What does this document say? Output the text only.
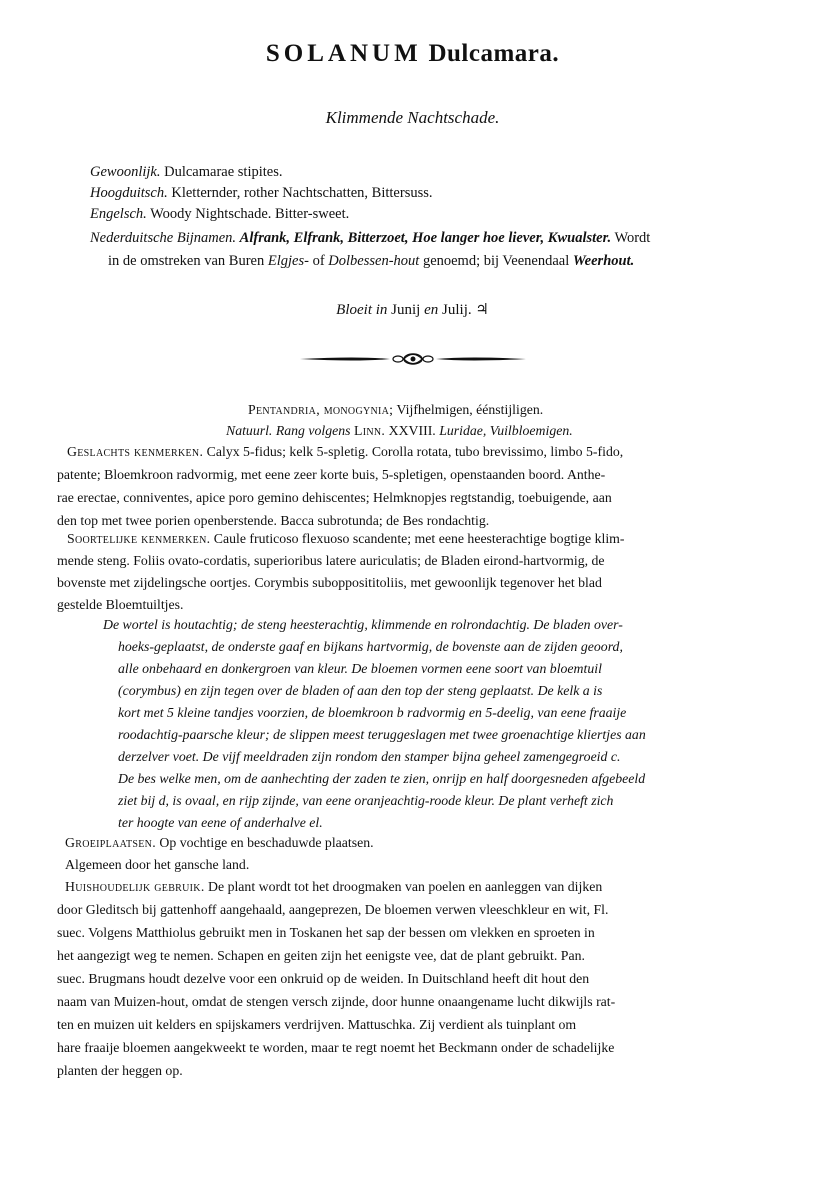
SOLANUM Dulcamara.
Klimmende Nachtschade.
Gewoonlijk. Dulcamarae stipites.
Hoogduitsch. Kletternder, rother Nachtschatten, Bittersuss.
Engelsch. Woody Nightschade. Bitter-sweet.
Nederduitsche Bijnamen. Alfrank, Elfrank, Bitterzoet, Hoe langer hoe liever, Kwualster. Wordt
in de omstreken van Buren Elgjes- of Dolbessen-hout genoemd; bij Veenendaal Weerhout.
Bloeit in Junij en Julij. ♃
Pentandria, monogynia; Vijfhelmigen, éénstijligen.
Natuurl. Rang volgens Linn. XXVIII. Luridae, Vuilbloemigen.
Geslachts kenmerken. Calyx 5-fidus; kelk 5-spletig. Corolla rotata, tubo brevissimo, limbo 5-fido,
patente; Bloemkroon radvormig, met eene zeer korte buis, 5-spletigen, openstaanden boord. Anthe-
rae erectae, conniventes, apice poro gemino dehiscentes; Helmknopjes regtstandig, toebuigende, aan
den top met twee porien openberstende. Bacca subrotunda; de Bes rondachtig.
Soortelijke kenmerken. Caule fruticoso flexuoso scandente; met eene heesterachtige bogtige klim-
mende steng. Foliis ovato-cordatis, superioribus latere auriculatis; de Bladen eirond-hartvormig, de
bovenste met zijdelingsche oortjes. Corymbis subopposititoliis, met gewoonlijk tegenover het blad
gestelde Bloemtuiltjes.
De wortel is houtachtig; de steng heesterachtig, klimmende en rolrondachtig. De bladen over-
hoeks-geplaatst, de onderste gaaf en bijkans hartvormig, de bovenste aan de zijden geoord,
alle onbehaard en donkergroen van kleur. De bloemen vormen eene soort van bloemtuil
(corymbus) en zijn tegen over de bladen of aan den top der steng geplaatst. De kelk a is
kort met 5 kleine tandjes voorzien, de bloemkroon b radvormig en 5-deelig, van eene fraaije
roodachtig-paarsche kleur; de slippen meest teruggeslagen met twee groenachtige kliertjes aan
derzelver voet. De vijf meeldraden zijn rondom den stamper bijna geheel zamengegroeid c.
De bes welke men, om de aanhechting der zaden te zien, onrijp en half doorgesneden afgebeeld
ziet bij d, is ovaal, en rijp zijnde, van eene oranjeachtig-roode kleur. De plant verheft zich
ter hoogte van eene of anderhalve el.
Groeiplaatsen. Op vochtige en beschaduwde plaatsen.
Algemeen door het gansche land.
Huishoudelijk gebruik. De plant wordt tot het droogmaken van poelen en aanleggen van dijken
door Gleditsch bij gattenhoff aangehaald, aangeprezen, De bloemen verwen vleeschkleur en wit, Fl.
suec. Volgens Matthiolus gebruikt men in Toskanen het sap der bessen om vlekken en sproeten in
het aangezigt weg te nemen. Schapen en geiten zijn het eenigste vee, dat de plant gebruikt. Pan.
suec. Brugmans houdt dezelve voor een onkruid op de weiden. In Duitschland heeft dit hout den
naam van Muizen-hout, omdat de stengen versch zijnde, door hunne onaangename lucht dikwijls rat-
ten en muizen uit kelders en spijskamers verdrijven. Mattuschka. Zij verdient als tuinplant om
hare fraaije bloemen aangekweekt te worden, maar te regt noemt het Beckmann onder de schadelijke
planten der heggen op.
